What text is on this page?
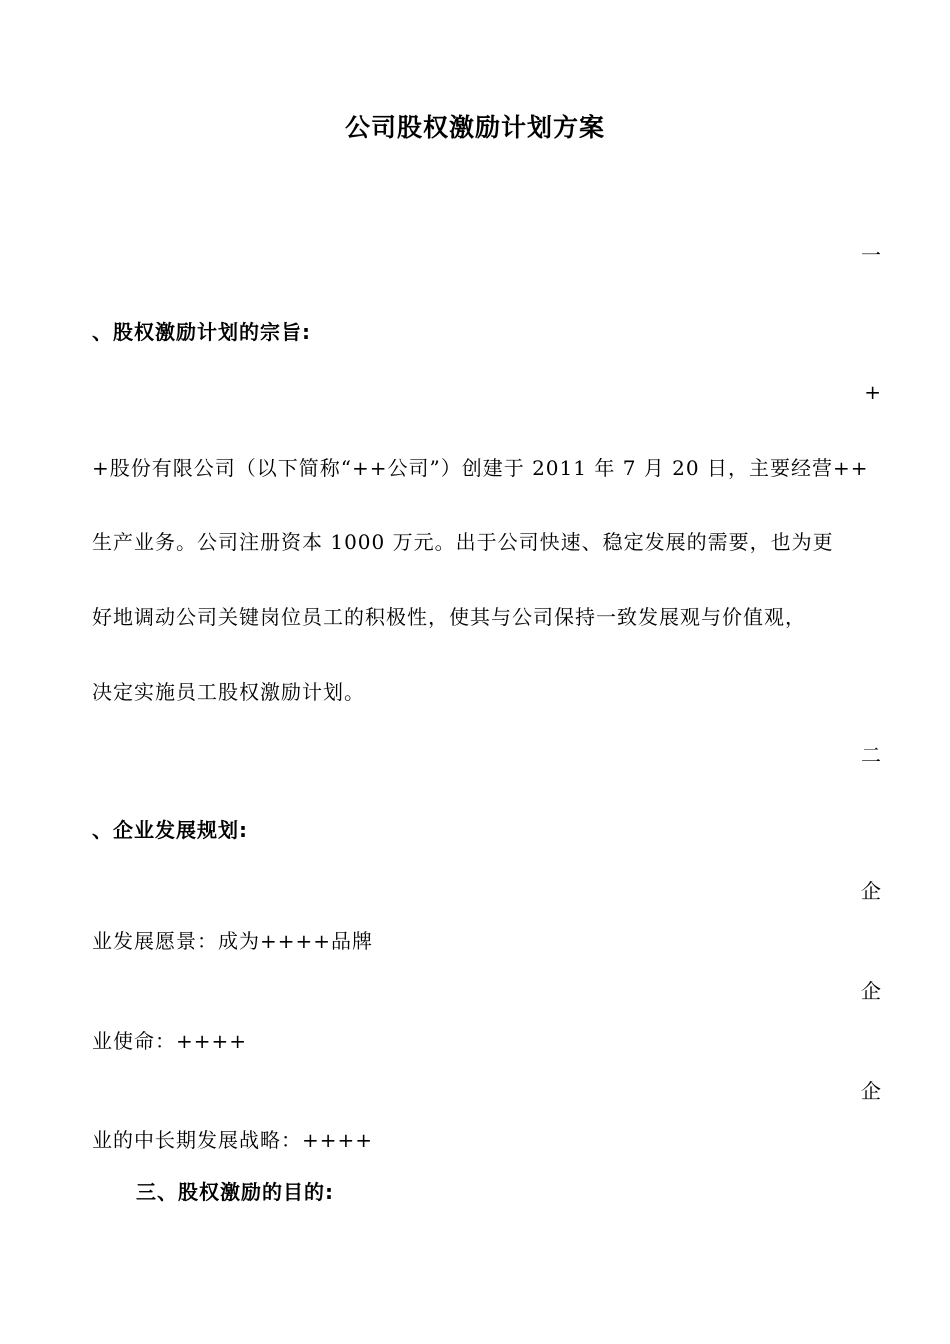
公司股权激励计划方案
一
、股权激励计划的宗旨:
+
+股份有限公司（以下简称“++公司”）创建于 2011 年 7 月 20 日，主要经营++
生产业务。公司注册资本 1000 万元。出于公司快速、稳定发展的需要，也为更
好地调动公司关键岗位员工的积极性，使其与公司保持一致发展观与价值观，
决定实施员工股权激励计划。
二
、企业发展规划:
企
业发展愿景：成为++++品牌
企
业使命：++++
企
业的中长期发展战略：++++
三、股权激励的目的:
